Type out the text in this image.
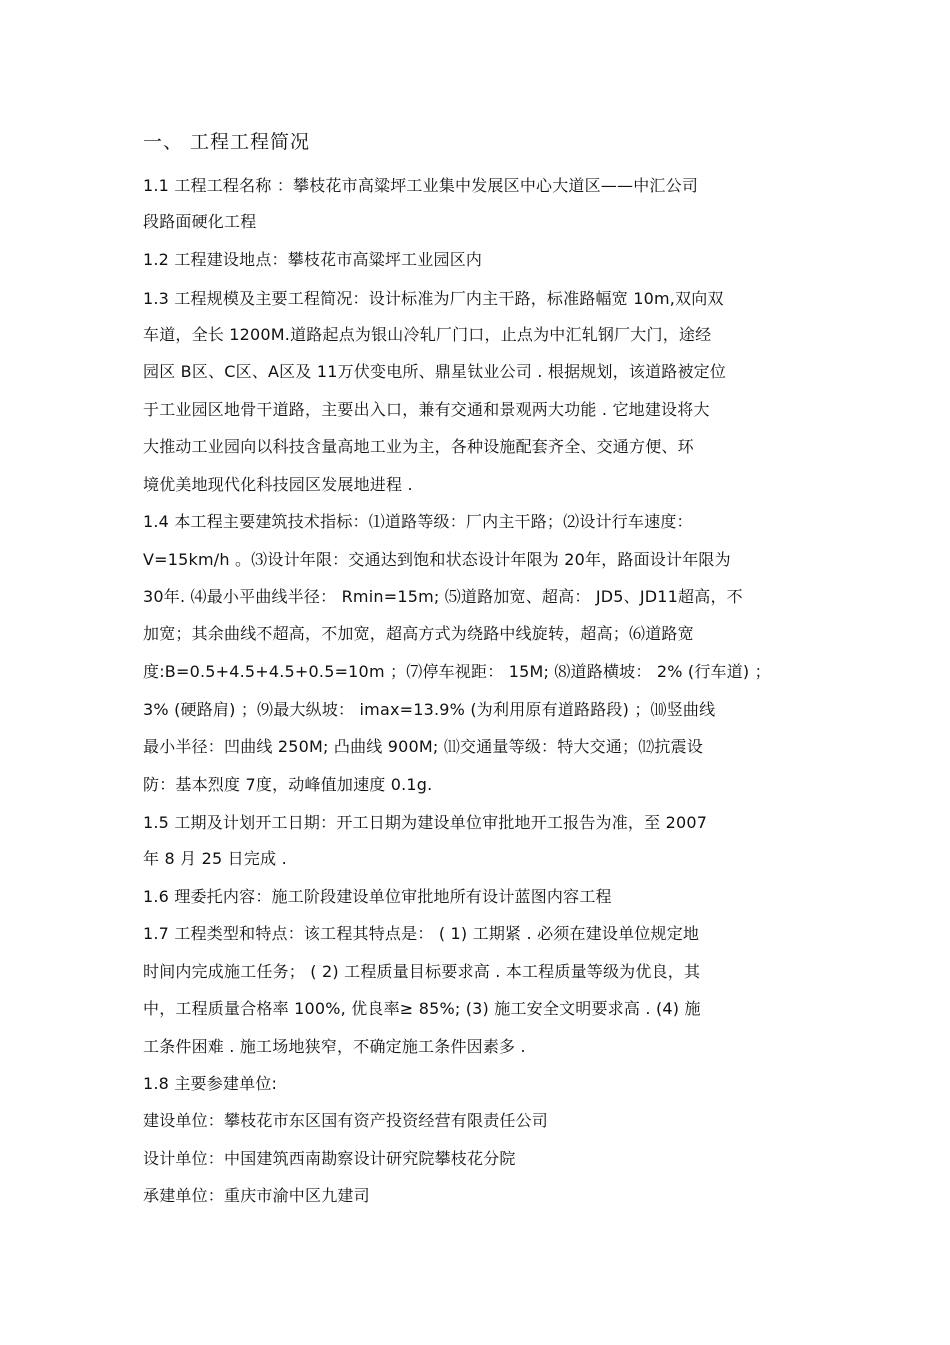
一、 工程工程简况
1.1 工程工程名称 ：攀枝花市高粱坪工业集中发展区中心大道区——中汇公司
段路面硬化工程
1.2 工程建设地点：攀枝花市高粱坪工业园区内
1.3 工程规模及主要工程简况：设计标准为厂内主干路，标准路幅宽 10m,双向双
车道，全长 1200M.道路起点为银山冷轧厂门口，止点为中汇轧钢厂大门，途经
园区 B区、C区、A区及 11万伏变电所、鼎星钛业公司 . 根据规划，该道路被定位
于工业园区地骨干道路，主要出入口，兼有交通和景观两大功能 . 它地建设将大
大推动工业园向以科技含量高地工业为主，各种设施配套齐全、交通方便、环
境优美地现代化科技园区发展地进程 .
1.4 本工程主要建筑技术指标：⑴道路等级：厂内主干路；⑵设计行车速度：
V=15km/h 。⑶设计年限：交通达到饱和状态设计年限为 20年，路面设计年限为
30年. ⑷最小平曲线半径： Rmin=15m; ⑸道路加宽、超高： JD5、JD11超高，不
加宽；其余曲线不超高，不加宽，超高方式为绕路中线旋转，超高；⑹道路宽
度:B=0.5+4.5+4.5+0.5=10m ；⑺停车视距： 15M; ⑻道路横坡： 2% (行车道) ；
3% (硬路肩) ；⑼最大纵坡： imax=13.9% (为利用原有道路路段) ；⑽竖曲线
最小半径：凹曲线 250M; 凸曲线 900M; ⑾交通量等级：特大交通；⑿抗震设
防：基本烈度 7度，动峰值加速度 0.1g.
1.5 工期及计划开工日期：开工日期为建设单位审批地开工报告为准，至 2007
年 8 月 25 日完成 .
1.6 理委托内容：施工阶段建设单位审批地所有设计蓝图内容工程
1.7 工程类型和特点：该工程其特点是： ( 1) 工期紧 . 必须在建设单位规定地
时间内完成施工任务； ( 2) 工程质量目标要求高 . 本工程质量等级为优良，其
中，工程质量合格率 100%, 优良率≥ 85%; (3) 施工安全文明要求高 . (4) 施
工条件困难 . 施工场地狭窄，不确定施工条件因素多 .
1.8 主要参建单位:
建设单位：攀枝花市东区国有资产投资经营有限责任公司
设计单位：中国建筑西南勘察设计研究院攀枝花分院
承建单位：重庆市渝中区九建司
